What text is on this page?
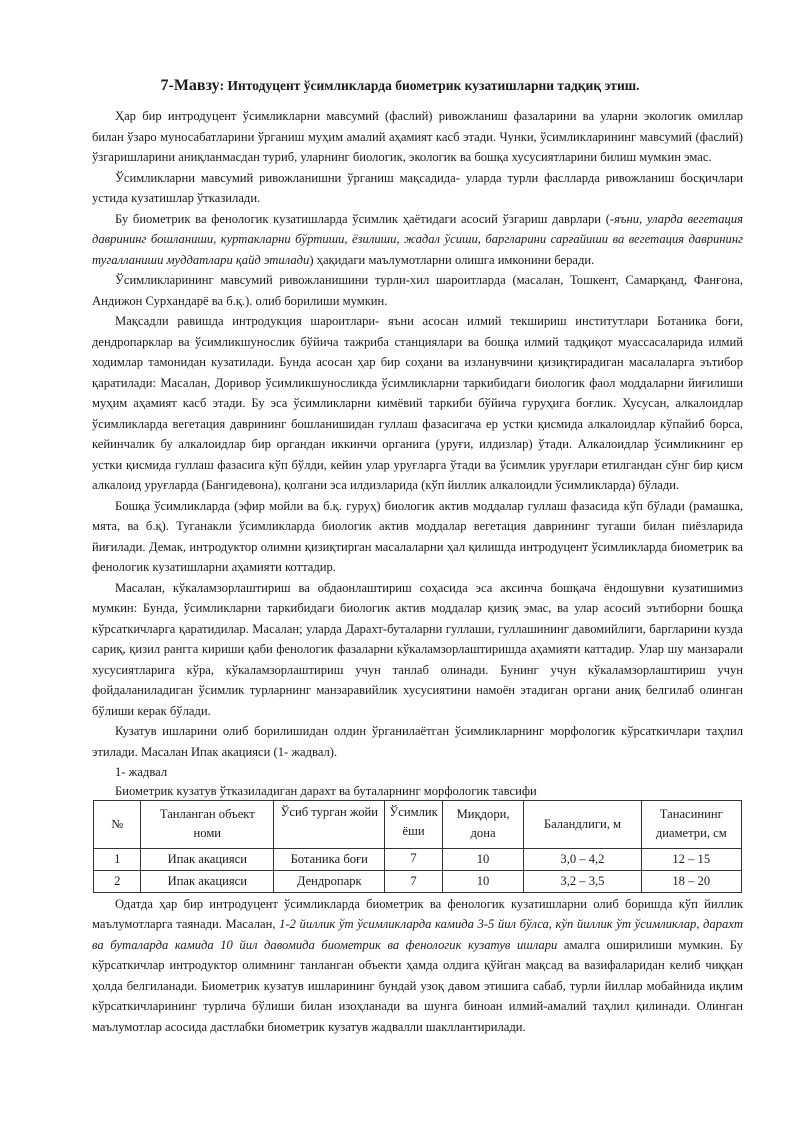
7-Мавзу: Интодуцент ўсимликларда биометрик кузатишларни тадқиқ этиш.

Ҳар бир интродуцент ўсимликларни мавсумий (фаслий) ривожланиш фазаларини ва уларни экологик омиллар билан ўзаро муносабатларини ўрганиш муҳим амалий аҳамият касб этади. Чунки, ўсимликларининг мавсумий (фаслий) ўзгаришларини аниқланмасдан туриб, уларнинг биологик, экологик ва бошқа хусусиятларини билиш мумкин эмас.

Ўсимликларни мавсумий ривожланишни ўрганиш мақсадида- уларда турли фаслларда ривожланиш босқичлари устида кузатишлар ўтказилади.

Бу биометрик ва фенологик кузатишларда ўсимлик ҳаётидаги асосий ўзгариш даврлари (-яъни, уларда вегетация даврининг бошланиши, куртакларни бўртиши, ёзилиши, жадал ўсиши, баргларини сарғайиши ва вегетация даврининг тугалланиши муддатлари қайд этилади) ҳақидаги маълумотларни олишга имконини беради.

Ўсимликларининг мавсумий ривожланишини турли-хил шароитларда (масалан, Тошкент, Самарқанд, Фанғона, Андижон Сурхандарё ва б.қ.). олиб борилиши мумкин.

Мақсадли равишда интродукция шароитлари- яъни асосан илмий текшириш институтлари Ботаника боғи, дендропарклар ва ўсимликшунослик бўйича тажриба станциялари ва бошқа илмий тадқиқот муассасаларида илмий ходимлар тамонидан кузатилади. Бунда асосан ҳар бир соҳани ва изланувчини қизиқтирадиган масалаларга эътибор қаратилади: Масалан, Доривор ўсимликшуносликда ўсимликларни таркибидаги биологик фаол моддаларни йиғилиши муҳим аҳамият касб этади. Бу эса ўсимликларни кимёвий таркиби бўйича гуруҳига боғлик. Хусусан, алкалоидлар ўсимликларда вегетация даврининг бошланишидан гуллаш фазасигача ер устки қисмида алкалоидлар кўпайиб борса, кейинчалик бу алкалоидлар бир органдан иккинчи органига (уруғи, илдизлар) ўтади. Алкалоидлар ўсимликнинг ер устки қисмида гуллаш фазасига кўп бўлди, кейин улар уруғларга ўтади ва ўсимлик уруғлари етилгандан сўнг бир қисм алкалоид уруғларда (Бангидевона), қолгани эса илдизларида (кўп йиллик алкалоидли ўсимликларда) бўлади.

Бошқа ўсимликларда (эфир мойли ва б.қ. гуруҳ) биологик актив моддалар гуллаш фазасида кўп бўлади (рамашка, мята, ва б.қ). Туганакли ўсимликларда биологик актив моддалар вегетация даврининг тугаши билан пиёзларида йиғилади. Демак, интродуктор олимни қизиқтирган масалаларни ҳал қилишда интродуцент ўсимликларда биометрик ва фенологик кузатишларни аҳамияти коттадир.

Масалан, кўкаламзорлаштириш ва обдаонлаштириш соҳасида эса аксинча бошқача ёндошувни кузатишимиз мумкин: Бунда, ўсимликларни таркибидаги биологик актив моддалар қизиқ эмас, ва улар асосий эътиборни бошқа кўрсаткичларга қаратидилар. Масалан; уларда Дарахт-буталарни гуллаши, гуллашининг давомийлиги, баргларини кузда сариқ, қизил рангга кириши қаби фенологик фазаларни кўкаламзорлаштиришда аҳамияти каттадир. Улар шу манзарали хусусиятларига кўра, кўкаламзорлаштириш учун танлаб олинади. Бунинг учун кўкаламзорлаштириш учун фойдаланиладиган ўсимлик турларнинг манзаравийлик хусусиятини намоён этадиган органи аниқ белгилаб олинган бўлиши керак бўлади.

Кузатув ишларини олиб борилишидан олдин ўрганилаётган ўсимликларнинг морфологик кўрсаткичлари таҳлил этилади. Масалан Ипак акацияси (1- жадвал).

1- жадвал

Биометрик кузатув ўтказиладиган дарахт ва буталарнинг морфологик тавсифи

№	Танланган объект номи	Ўсиб турган жойи	Ўсимлик ёши	Миқдори, дона	Баландлиги, м	Танасининг диаметри, см
1	Ипак акацияси	Ботаника боғи	7	10	3,0 – 4,2	12 – 15
2	Ипак акацияси	Дендропарк	7	10	3,2 – 3,5	18 – 20

Одатда ҳар бир интродуцент ўсимликларда биометрик ва фенологик кузатишларни олиб боришда кўп йиллик маълумотларга таянади. Масалан, 1-2 йиллик ўт ўсимликларда камида 3-5 йил бўлса, кўп йиллик ўт ўсимликлар, дарахт ва буталарда камида 10 йил давомида биометрик ва фенологик кузатув ишлари амалга оширилиши мумкин. Бу кўрсаткичлар интродуктор олимнинг танланган объекти ҳамда олдига қўйган мақсад ва вазифаларидан келиб чиққан ҳолда белгиланади. Биометрик кузатув ишларининг бундай узоқ давом этишига сабаб, турли йиллар мобайнида иқлим кўрсаткичларининг турлича бўлиши билан изоҳланади ва шунга биноан илмий-амалий таҳлил қилинади. Олинган маълумотлар асосида дастлабки биометрик кузатув жадвалли шакллантирилади.
